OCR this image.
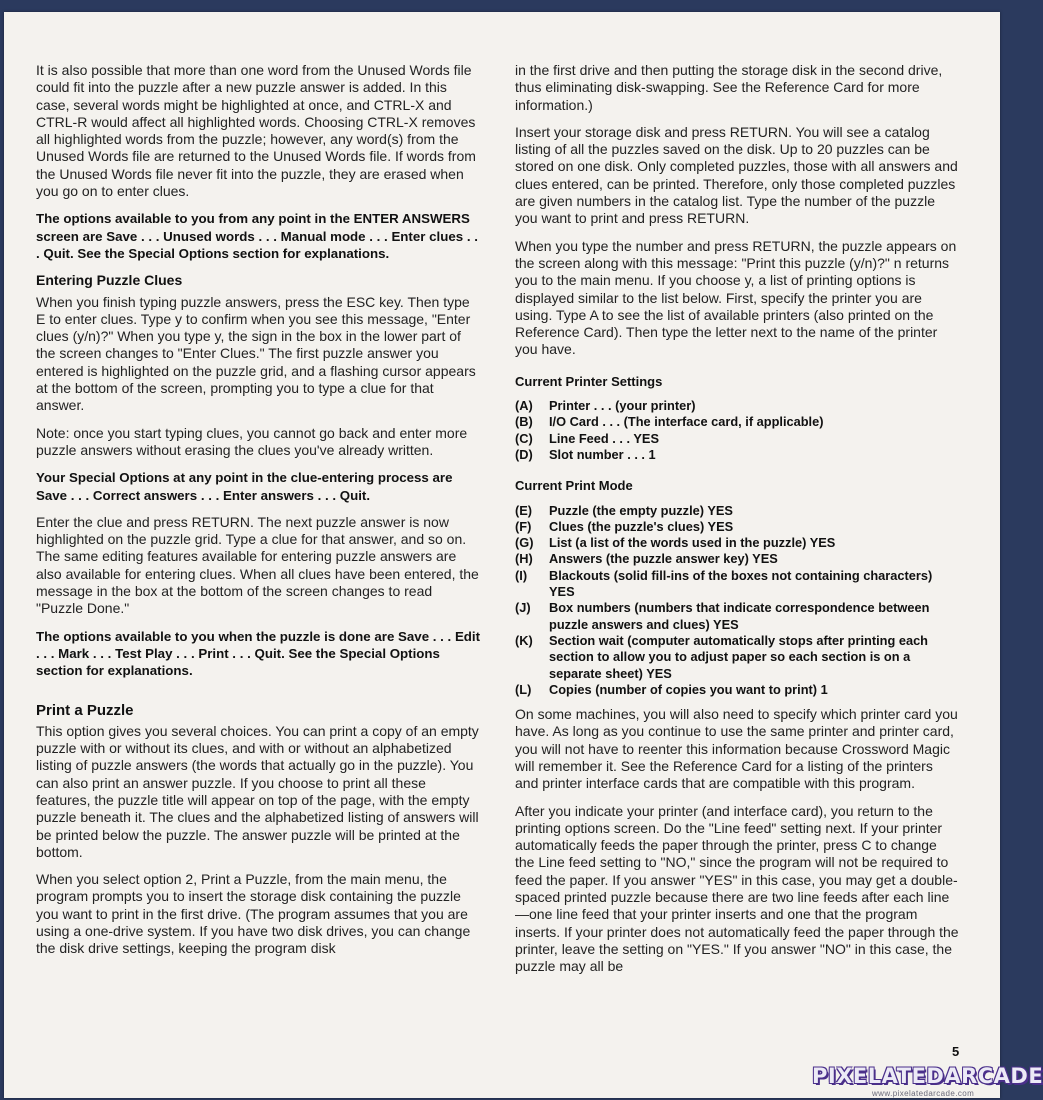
It is also possible that more than one word from the Unused Words file could fit into the puzzle after a new puzzle answer is added. In this case, several words might be highlighted at once, and CTRL-X and CTRL-R would affect all highlighted words. Choosing CTRL-X removes all highlighted words from the puzzle; however, any word(s) from the Unused Words file are returned to the Unused Words file. If words from the Unused Words file never fit into the puzzle, they are erased when you go on to enter clues.

The options available to you from any point in the ENTER ANSWERS screen are Save . . . Unused words . . . Manual mode . . . Enter clues . . . Quit. See the Special Options section for explanations.

Entering Puzzle Clues

When you finish typing puzzle answers, press the ESC key. Then type E to enter clues. Type y to confirm when you see this message, "Enter clues (y/n)?" When you type y, the sign in the box in the lower part of the screen changes to "Enter Clues." The first puzzle answer you entered is highlighted on the puzzle grid, and a flashing cursor appears at the bottom of the screen, prompting you to type a clue for that answer.

Note: once you start typing clues, you cannot go back and enter more puzzle answers without erasing the clues you've already written.

Your Special Options at any point in the clue-entering process are Save . . . Correct answers . . . Enter answers . . . Quit.

Enter the clue and press RETURN. The next puzzle answer is now highlighted on the puzzle grid. Type a clue for that answer, and so on. The same editing features available for entering puzzle answers are also available for entering clues. When all clues have been entered, the message in the box at the bottom of the screen changes to read "Puzzle Done."

The options available to you when the puzzle is done are Save . . . Edit . . . Mark . . . Test Play . . . Print . . . Quit. See the Special Options section for explanations.

Print a Puzzle

This option gives you several choices. You can print a copy of an empty puzzle with or without its clues, and with or without an alphabetized listing of puzzle answers (the words that actually go in the puzzle). You can also print an answer puzzle. If you choose to print all these features, the puzzle title will appear on top of the page, with the empty puzzle beneath it. The clues and the alphabetized listing of answers will be printed below the puzzle. The answer puzzle will be printed at the bottom.

When you select option 2, Print a Puzzle, from the main menu, the program prompts you to insert the storage disk containing the puzzle you want to print in the first drive. (The program assumes that you are using a one-drive system. If you have two disk drives, you can change the disk drive settings, keeping the program disk

in the first drive and then putting the storage disk in the second drive, thus eliminating disk-swapping. See the Reference Card for more information.)

Insert your storage disk and press RETURN. You will see a catalog listing of all the puzzles saved on the disk. Up to 20 puzzles can be stored on one disk. Only completed puzzles, those with all answers and clues entered, can be printed. Therefore, only those completed puzzles are given numbers in the catalog list. Type the number of the puzzle you want to print and press RETURN.

When you type the number and press RETURN, the puzzle appears on the screen along with this message: "Print this puzzle (y/n)?" n returns you to the main menu. If you choose y, a list of printing options is displayed similar to the list below. First, specify the printer you are using. Type A to see the list of available printers (also printed on the Reference Card). Then type the letter next to the name of the printer you have.

Current Printer Settings
(A)	Printer . . . (your printer)
(B)	I/O Card . . . (The interface card, if applicable)
(C)	Line Feed . . . YES
(D)	Slot number . . . 1
Current Print Mode
(E)	Puzzle (the empty puzzle) YES
(F)	Clues (the puzzle's clues) YES
(G)	List (a list of the words used in the puzzle) YES
(H)	Answers (the puzzle answer key) YES
(I)	Blackouts (solid fill-ins of the boxes not containing characters) YES
(J)	Box numbers (numbers that indicate correspondence between puzzle answers and clues) YES
(K)	Section wait (computer automatically stops after printing each section to allow you to adjust paper so each section is on a separate sheet) YES
(L)	Copies (number of copies you want to print) 1

On some machines, you will also need to specify which printer card you have. As long as you continue to use the same printer and printer card, you will not have to reenter this information because Crossword Magic will remember it. See the Reference Card for a listing of the printers and printer interface cards that are compatible with this program.

After you indicate your printer (and interface card), you return to the printing options screen. Do the "Line feed" setting next. If your printer automatically feeds the paper through the printer, press C to change the Line feed setting to "NO," since the program will not be required to feed the paper. If you answer "YES" in this case, you may get a double-spaced printed puzzle because there are two line feeds after each line—one line feed that your printer inserts and one that the program inserts. If your printer does not automatically feed the paper through the printer, leave the setting on "YES." If you answer "NO" in this case, the puzzle may all be

5
PIXELATEDARCADE
www.pixelatedarcade.com
